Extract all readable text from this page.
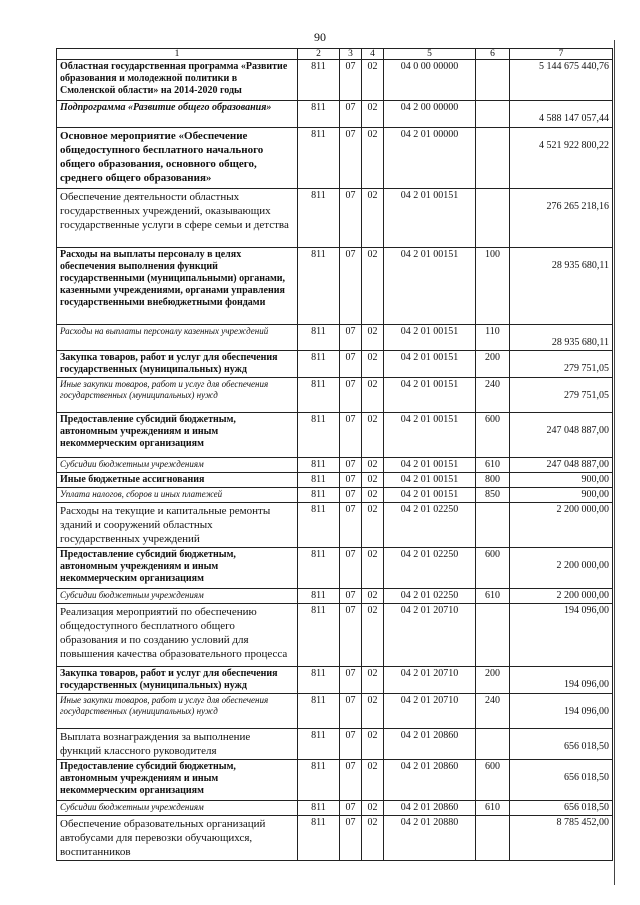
90
1	2	3	4	5	6	7
Областная государственная программа «Развитие образования и молодежной политики в Смоленской области» на 2014-2020 годы	811	07	02	04 0 00 00000		5 144 675 440,76
Подпрограмма «Развитие общего образования»	811	07	02	04 2 00 00000		4 588 147 057,44
Основное мероприятие «Обеспечение общедоступного бесплатного начального общего образования, основного общего, среднего общего образования»	811	07	02	04 2 01 00000		4 521 922 800,22
Обеспечение деятельности областных государственных учреждений, оказывающих государственные услуги в сфере семьи и детства	811	07	02	04 2 01 00151		276 265 218,16
Расходы на выплаты персоналу в целях обеспечения выполнения функций государственными (муниципальными) органами, казенными учреждениями, органами управления государственными внебюджетными фондами	811	07	02	04 2 01 00151	100	28 935 680,11
Расходы на выплаты персоналу казенных учреждений	811	07	02	04 2 01 00151	110	28 935 680,11
Закупка товаров, работ и услуг для обеспечения государственных (муниципальных) нужд	811	07	02	04 2 01 00151	200	279 751,05
Иные закупки товаров, работ и услуг для обеспечения государственных (муниципальных) нужд	811	07	02	04 2 01 00151	240	279 751,05
Предоставление субсидий бюджетным, автономным учреждениям и иным некоммерческим организациям	811	07	02	04 2 01 00151	600	247 048 887,00
Субсидии бюджетным учреждениям	811	07	02	04 2 01 00151	610	247 048 887,00
Иные бюджетные ассигнования	811	07	02	04 2 01 00151	800	900,00
Уплата налогов, сборов и иных платежей	811	07	02	04 2 01 00151	850	900,00
Расходы на текущие и капитальные ремонты зданий и сооружений областных государственных учреждений	811	07	02	04 2 01 02250		2 200 000,00
Предоставление субсидий бюджетным, автономным учреждениям и иным некоммерческим организациям	811	07	02	04 2 01 02250	600	2 200 000,00
Субсидии бюджетным учреждениям	811	07	02	04 2 01 02250	610	2 200 000,00
Реализация мероприятий по обеспечению общедоступного бесплатного общего образования и по созданию условий для повышения качества образовательного процесса	811	07	02	04 2 01 20710		194 096,00
Закупка товаров, работ и услуг для обеспечения государственных (муниципальных) нужд	811	07	02	04 2 01 20710	200	194 096,00
Иные закупки товаров, работ и услуг для обеспечения государственных (муниципальных) нужд	811	07	02	04 2 01 20710	240	194 096,00
Выплата вознаграждения за выполнение функций классного руководителя	811	07	02	04 2 01 20860		656 018,50
Предоставление субсидий бюджетным, автономным учреждениям и иным некоммерческим организациям	811	07	02	04 2 01 20860	600	656 018,50
Субсидии бюджетным учреждениям	811	07	02	04 2 01 20860	610	656 018,50
Обеспечение образовательных организаций автобусами для перевозки обучающихся, воспитанников	811	07	02	04 2 01 20880		8 785 452,00
